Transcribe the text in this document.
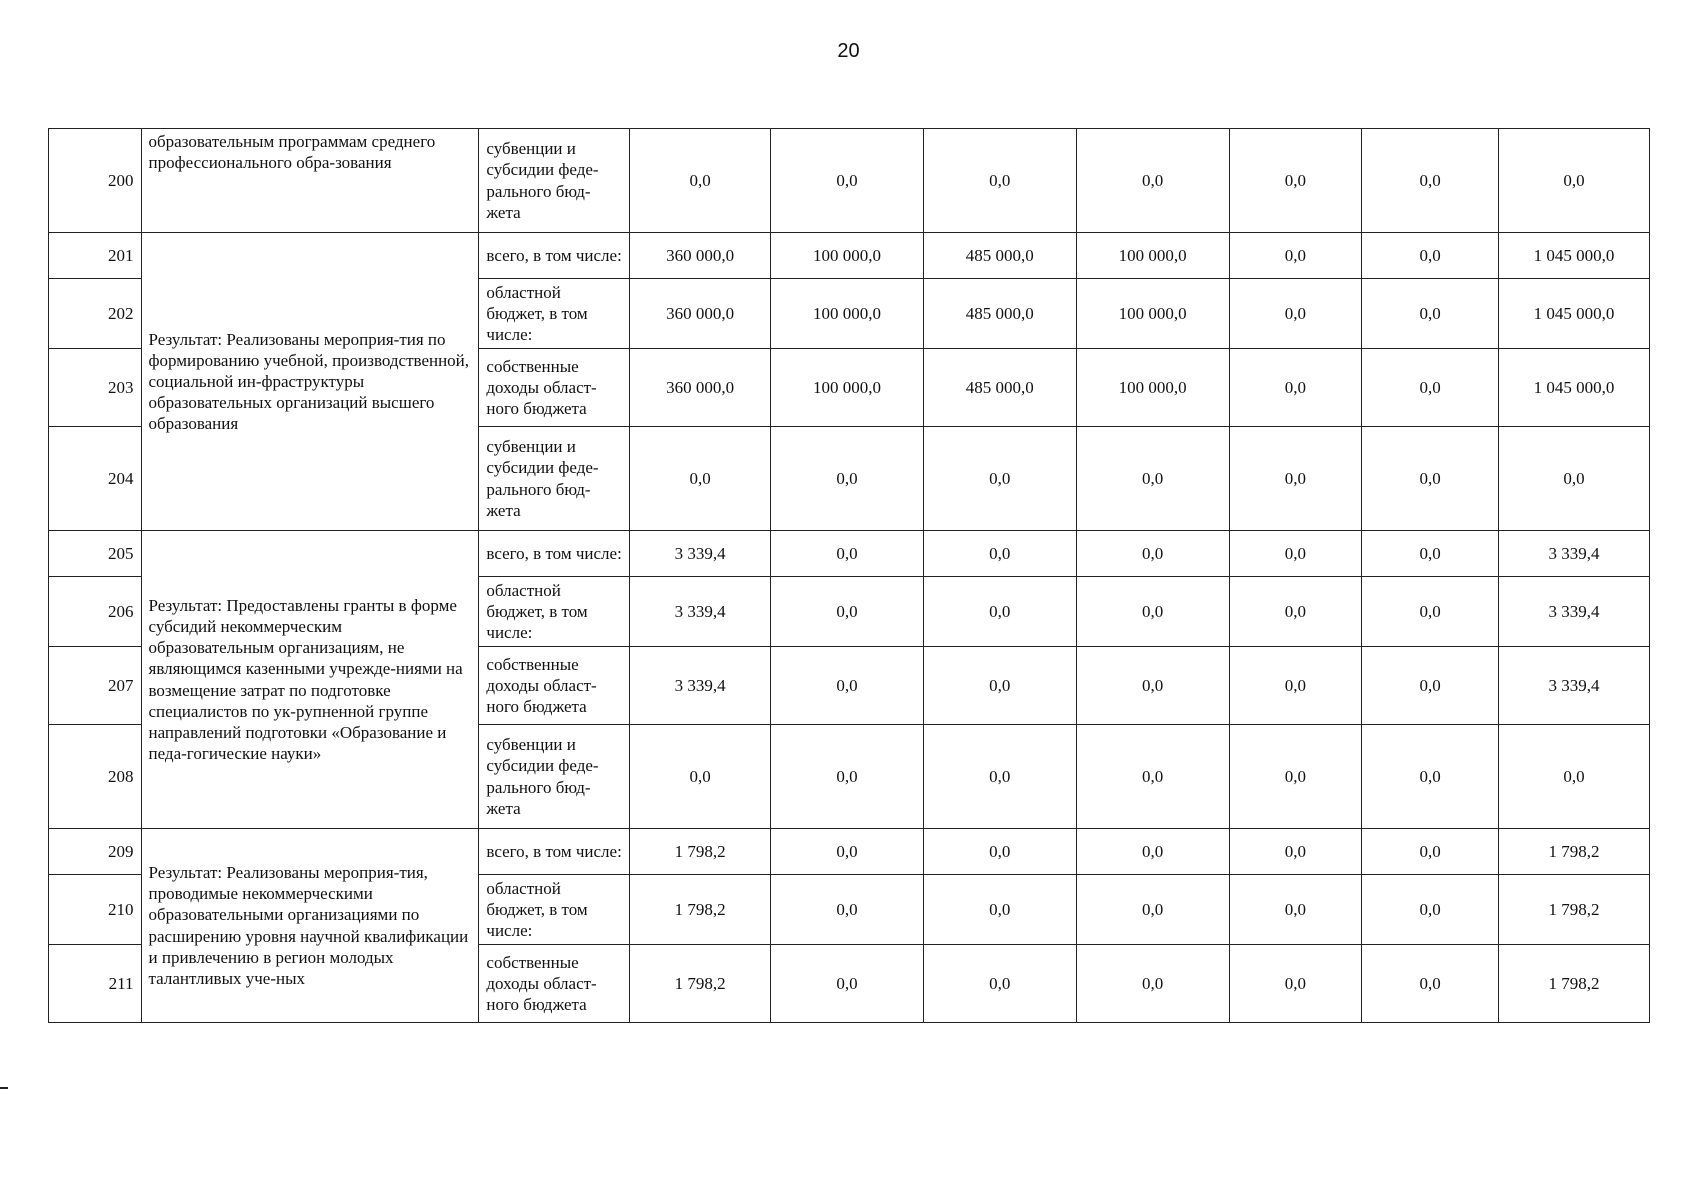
20
200	образовательным программам среднего профессионального обра-зования	субвенции и субсидии феде-рального бюд-жета	0,0	0,0	0,0	0,0	0,0	0,0	0,0
201	Результат: Реализованы мероприя-тия по формированию учебной, производственной, социальной ин-фраструктуры образовательных организаций высшего образования	всего, в том числе:	360 000,0	100 000,0	485 000,0	100 000,0	0,0	0,0	1 045 000,0
202		областной бюджет, в том числе:	360 000,0	100 000,0	485 000,0	100 000,0	0,0	0,0	1 045 000,0
203		собственные доходы област-ного бюджета	360 000,0	100 000,0	485 000,0	100 000,0	0,0	0,0	1 045 000,0
204		субвенции и субсидии феде-рального бюд-жета	0,0	0,0	0,0	0,0	0,0	0,0	0,0
205	Результат: Предоставлены гранты в форме субсидий некоммерческим образовательным организациям, не являющимся казенными учрежде-ниями на возмещение затрат по подготовке специалистов по ук-рупненной группе направлений подготовки «Образование и педа-гогические науки»	всего, в том числе:	3 339,4	0,0	0,0	0,0	0,0	0,0	3 339,4
206		областной бюджет, в том числе:	3 339,4	0,0	0,0	0,0	0,0	0,0	3 339,4
207		собственные доходы област-ного бюджета	3 339,4	0,0	0,0	0,0	0,0	0,0	3 339,4
208		субвенции и субсидии феде-рального бюд-жета	0,0	0,0	0,0	0,0	0,0	0,0	0,0
209	Результат: Реализованы мероприя-тия, проводимые некоммерческими образовательными организациями по расширению уровня научной квалификации и привлечению в регион молодых талантливых уче-ных	всего, в том числе:	1 798,2	0,0	0,0	0,0	0,0	0,0	1 798,2
210		областной бюджет, в том числе:	1 798,2	0,0	0,0	0,0	0,0	0,0	1 798,2
211		собственные доходы област-ного бюджета	1 798,2	0,0	0,0	0,0	0,0	0,0	1 798,2
